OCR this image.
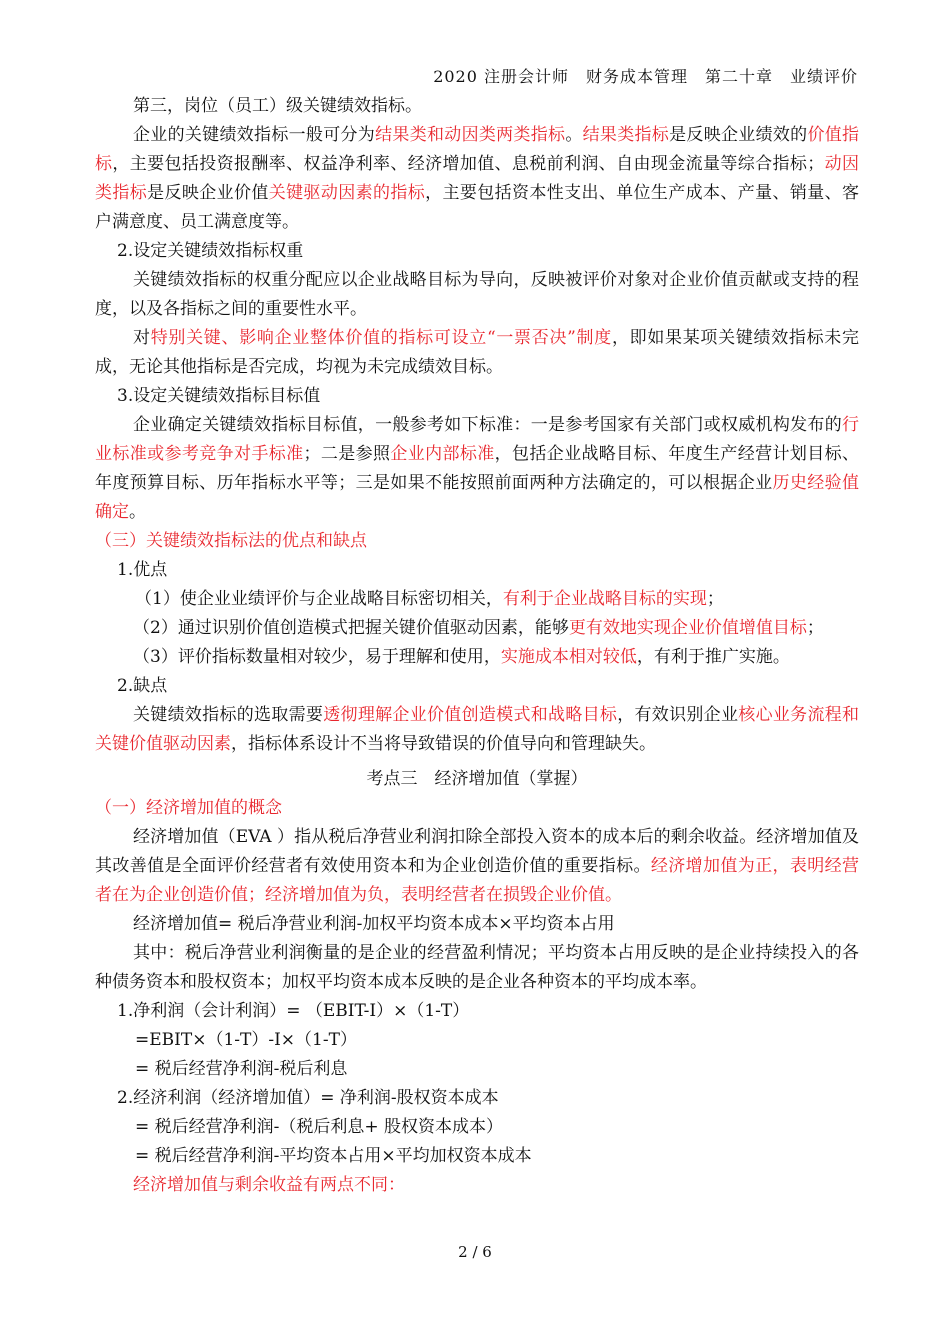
2020 注册会计师　财务成本管理　第二十章　业绩评价

第三，岗位（员工）级关键绩效指标。

企业的关键绩效指标一般可分为结果类和动因类两类指标。结果类指标是反映企业绩效的价值指标，主要包括投资报酬率、权益净利率、经济增加值、息税前利润、自由现金流量等综合指标；动因类指标是反映企业价值关键驱动因素的指标，主要包括资本性支出、单位生产成本、产量、销量、客户满意度、员工满意度等。

2.设定关键绩效指标权重

关键绩效指标的权重分配应以企业战略目标为导向，反映被评价对象对企业价值贡献或支持的程度，以及各指标之间的重要性水平。

对特别关键、影响企业整体价值的指标可设立“一票否决”制度，即如果某项关键绩效指标未完成，无论其他指标是否完成，均视为未完成绩效目标。

3.设定关键绩效指标目标值

企业确定关键绩效指标目标值，一般参考如下标准：一是参考国家有关部门或权威机构发布的行业标准或参考竞争对手标准；二是参照企业内部标准，包括企业战略目标、年度生产经营计划目标、年度预算目标、历年指标水平等；三是如果不能按照前面两种方法确定的，可以根据企业历史经验值确定。

（三）关键绩效指标法的优点和缺点

1.优点

（1）使企业业绩评价与企业战略目标密切相关，有利于企业战略目标的实现；

（2）通过识别价值创造模式把握关键价值驱动因素，能够更有效地实现企业价值增值目标；

（3）评价指标数量相对较少，易于理解和使用，实施成本相对较低，有利于推广实施。

2.缺点

关键绩效指标的选取需要透彻理解企业价值创造模式和战略目标，有效识别企业核心业务流程和关键价值驱动因素，指标体系设计不当将导致错误的价值导向和管理缺失。

考点三　经济增加值（掌握）

（一）经济增加值的概念

经济增加值（EVA ）指从税后净营业利润扣除全部投入资本的成本后的剩余收益。经济增加值及其改善值是全面评价经营者有效使用资本和为企业创造价值的重要指标。经济增加值为正，表明经营者在为企业创造价值；经济增加值为负，表明经营者在损毁企业价值。

经济增加值= 税后净营业利润-加权平均资本成本×平均资本占用

其中：税后净营业利润衡量的是企业的经营盈利情况；平均资本占用反映的是企业持续投入的各种债务资本和股权资本；加权平均资本成本反映的是企业各种资本的平均成本率。

1.净利润（会计利润）= （EBIT-I）×（1-T）

=EBIT×（1-T）-I×（1-T）

= 税后经营净利润-税后利息

2.经济利润（经济增加值）= 净利润-股权资本成本

= 税后经营净利润-（税后利息+ 股权资本成本）

= 税后经营净利润-平均资本占用×平均加权资本成本

经济增加值与剩余收益有两点不同：

2 / 6
